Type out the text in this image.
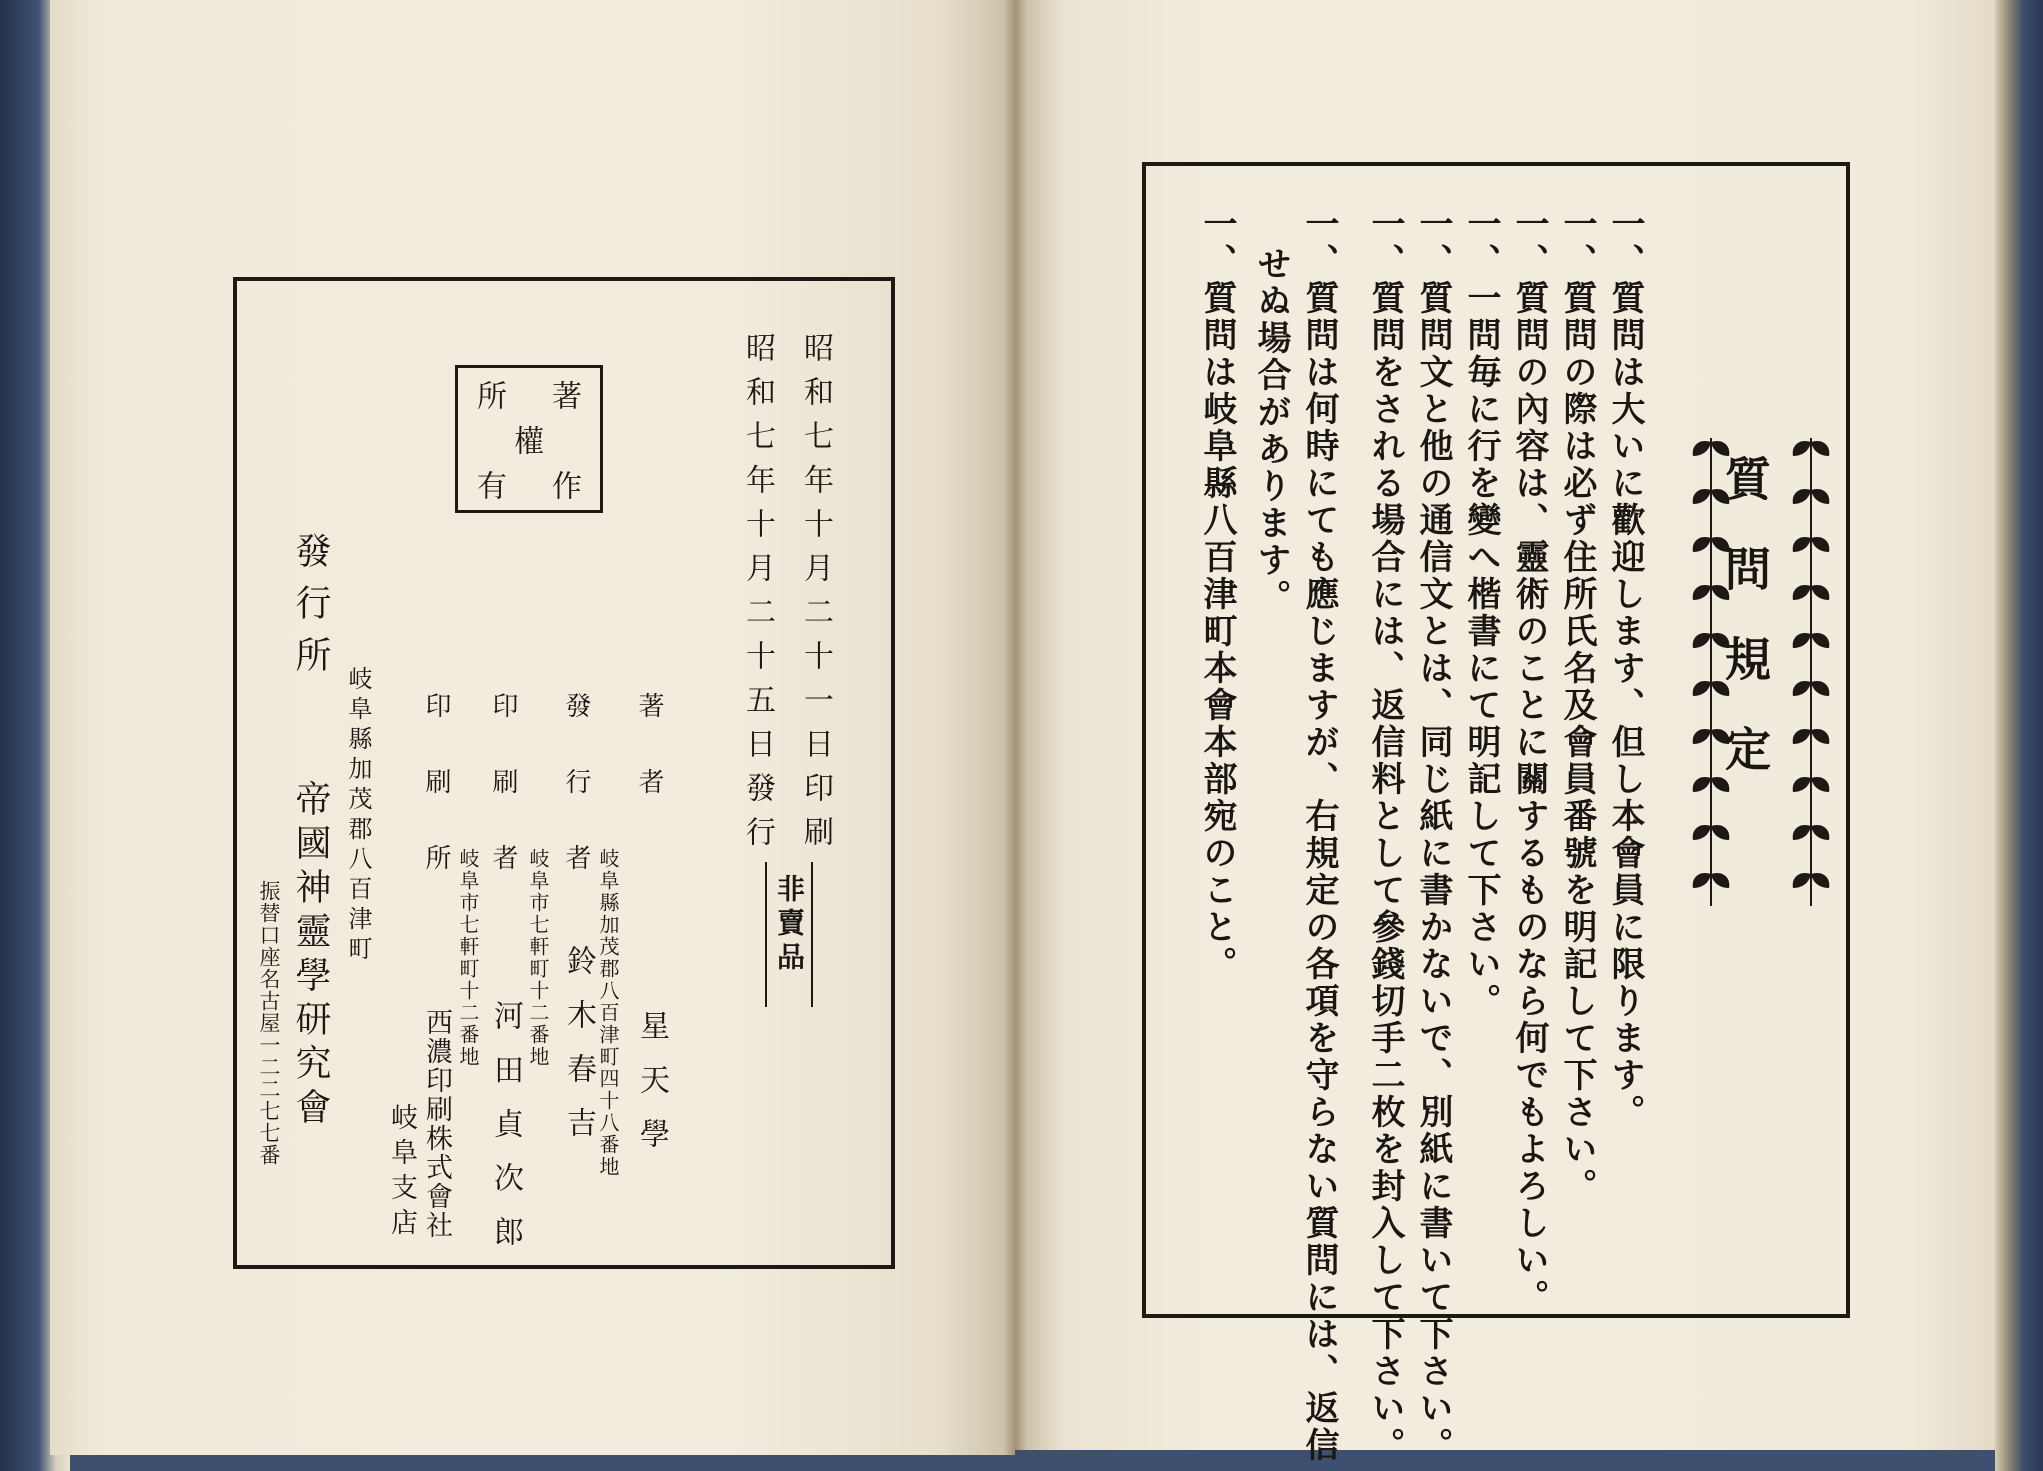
著
作
所
權
有	昭和七年十月二十一日印刷
昭和七年十月二十五日發行
非賣品
著者
星天學
發行者
岐阜縣加茂郡八百津町四十八番地
鈴木春吉
印刷者
岐阜市七軒町十二番地
河田貞次郎
印刷所
岐阜市七軒町十二番地
西濃印刷株式會社
岐阜支店
岐阜縣加茂郡八百津町
發行所
帝國神靈學研究會
振替口座名古屋一二二七七番
質問規定
一、質問は大いに歡迎します、但し本會員に限ります。
一、質問の際は必ず住所氏名及會員番號を明記して下さい。
一、質問の內容は、靈術のことに關するものなら何でもよろしい。
一、一問毎に行を變へ楷書にて明記して下さい。
一、質問文と他の通信文とは、同じ紙に書かないで、別紙に書いて下さい。
一、質問をされる場合には、返信料として參錢切手二枚を封入して下さい。
一、質問は何時にても應じますが、右規定の各項を守らない質問には、返信
せぬ場合があります。
一、質問は岐阜縣八百津町本會本部宛のこと。
